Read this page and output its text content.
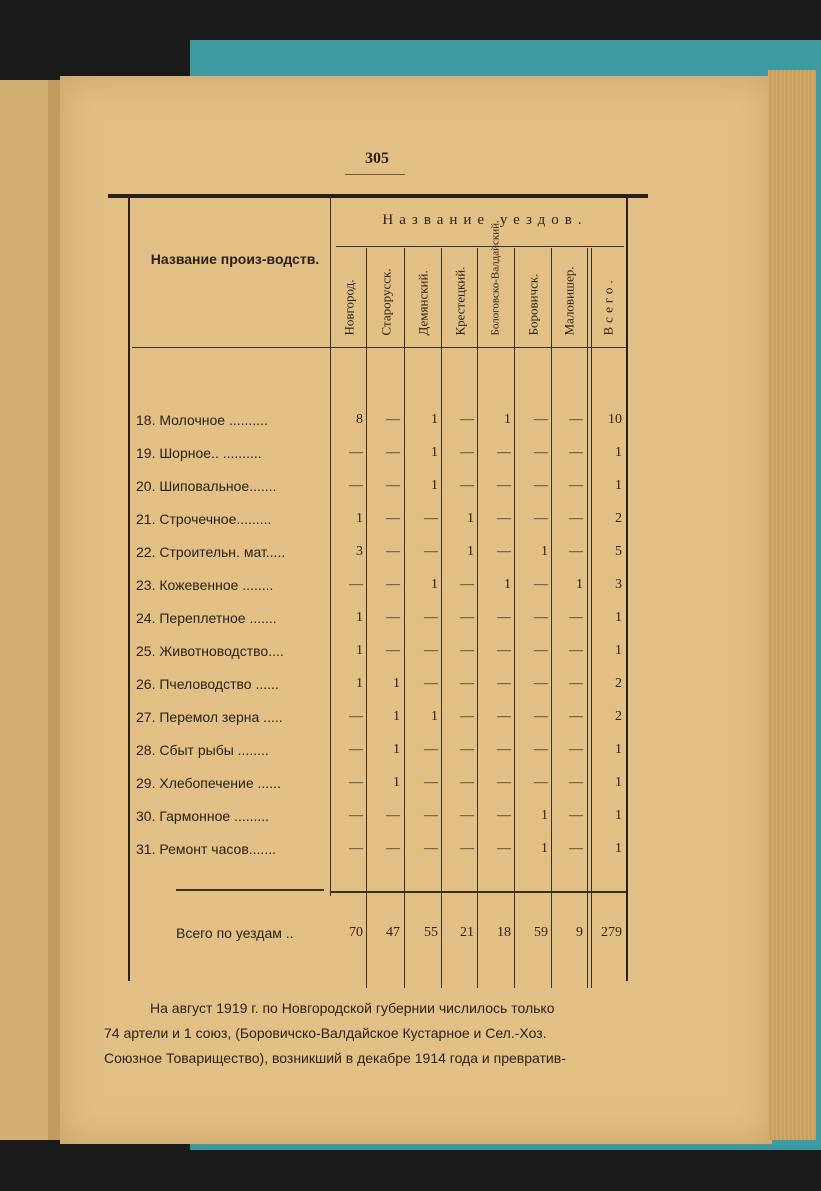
305
Название уездов.
Название произ-водств.
Новгород. Старорусск. Демянский. Крестецкий. Бологовско-Валдайский. Боровичск. Маловишер. Всего.
18. Молочное ..........	8	—	1	—	1	—	—	10
19. Шорное.. ..........	—	—	1	—	—	—	—	1
20. Шиповальное.......	—	—	1	—	—	—	—	1
21. Строчечное.........	1	—	—	1	—	—	—	2
22. Строительн. мат.....	3	—	—	1	—	1	—	5
23. Кожевенное ........	—	—	1	—	1	—	1	3
24. Переплетное .......	1	—	—	—	—	—	—	1
25. Животноводство....	1	—	—	—	—	—	—	1
26. Пчеловодство ......	1	1	—	—	—	—	—	2
27. Перемол зерна .....	—	1	1	—	—	—	—	2
28. Сбыт рыбы ........	—	1	—	—	—	—	—	1
29. Хлебопечение ......	—	1	—	—	—	—	—	1
30. Гармонное .........	—	—	—	—	—	1	—	1
31. Ремонт часов.......	—	—	—	—	—	1	—	1
Всего по уездам ..	70	47	55	21	18	59	9	279
На август 1919 г. по Новгородской губернии числилось только
74 артели и 1 союз, (Боровичско-Валдайское Кустарное и Сел.-Хоз.
Союзное Товарищество), возникший в декабре 1914 года и превратив-
